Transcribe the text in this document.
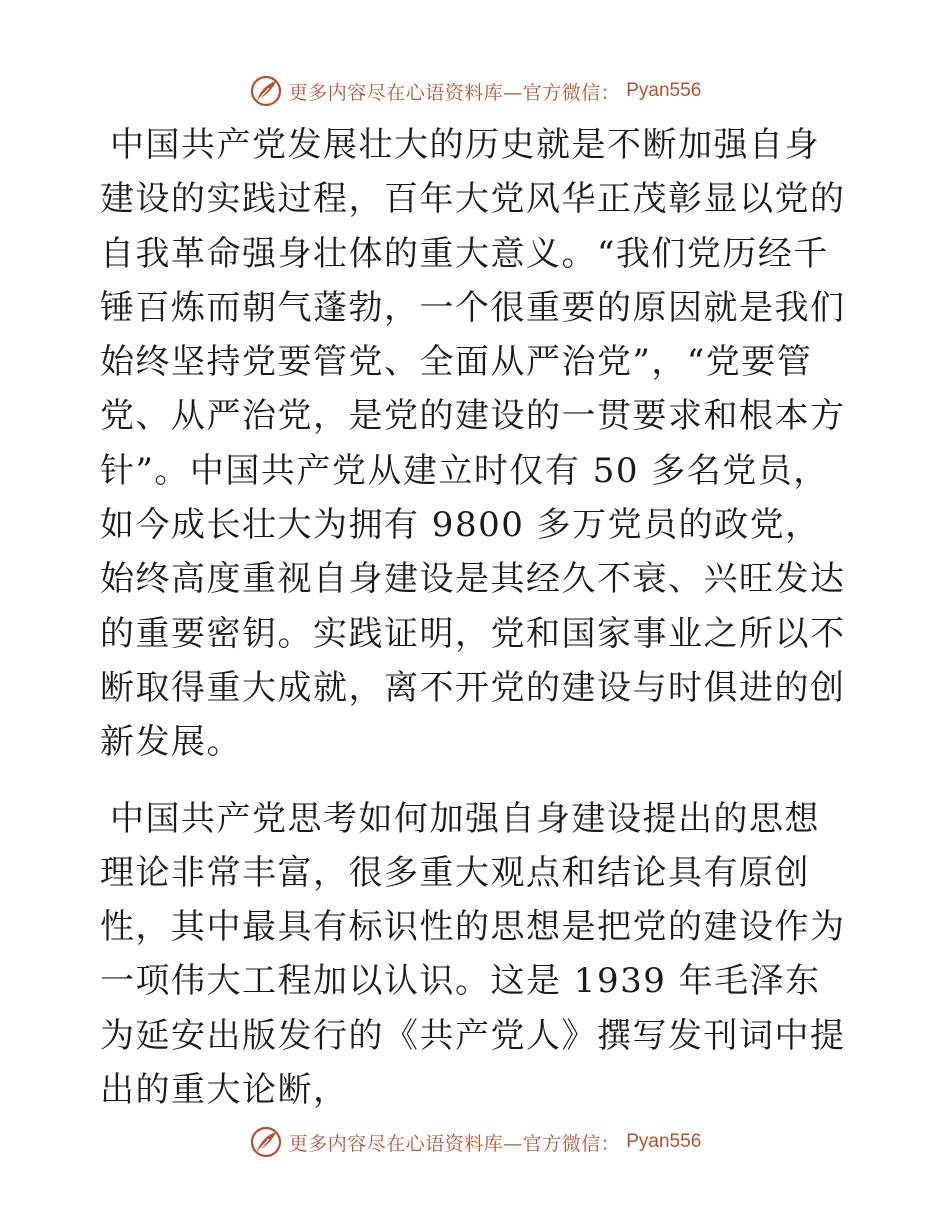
更多内容尽在心语资料库—官方微信： Pyan556

中国共产党发展壮大的历史就是不断加强自身建设的实践过程，百年大党风华正茂彰显以党的自我革命强身壮体的重大意义。“我们党历经千锤百炼而朝气蓬勃，一个很重要的原因就是我们始终坚持党要管党、全面从严治党”，“党要管党、从严治党，是党的建设的一贯要求和根本方针”。中国共产党从建立时仅有 50 多名党员，如今成长壮大为拥有 9800 多万党员的政党，始终高度重视自身建设是其经久不衰、兴旺发达的重要密钥。实践证明，党和国家事业之所以不断取得重大成就，离不开党的建设与时俱进的创新发展。

中国共产党思考如何加强自身建设提出的思想理论非常丰富，很多重大观点和结论具有原创性，其中最具有标识性的思想是把党的建设作为一项伟大工程加以认识。这是 1939 年毛泽东为延安出版发行的《共产党人》撰写发刊词中提出的重大论断，

更多内容尽在心语资料库—官方微信： Pyan556
